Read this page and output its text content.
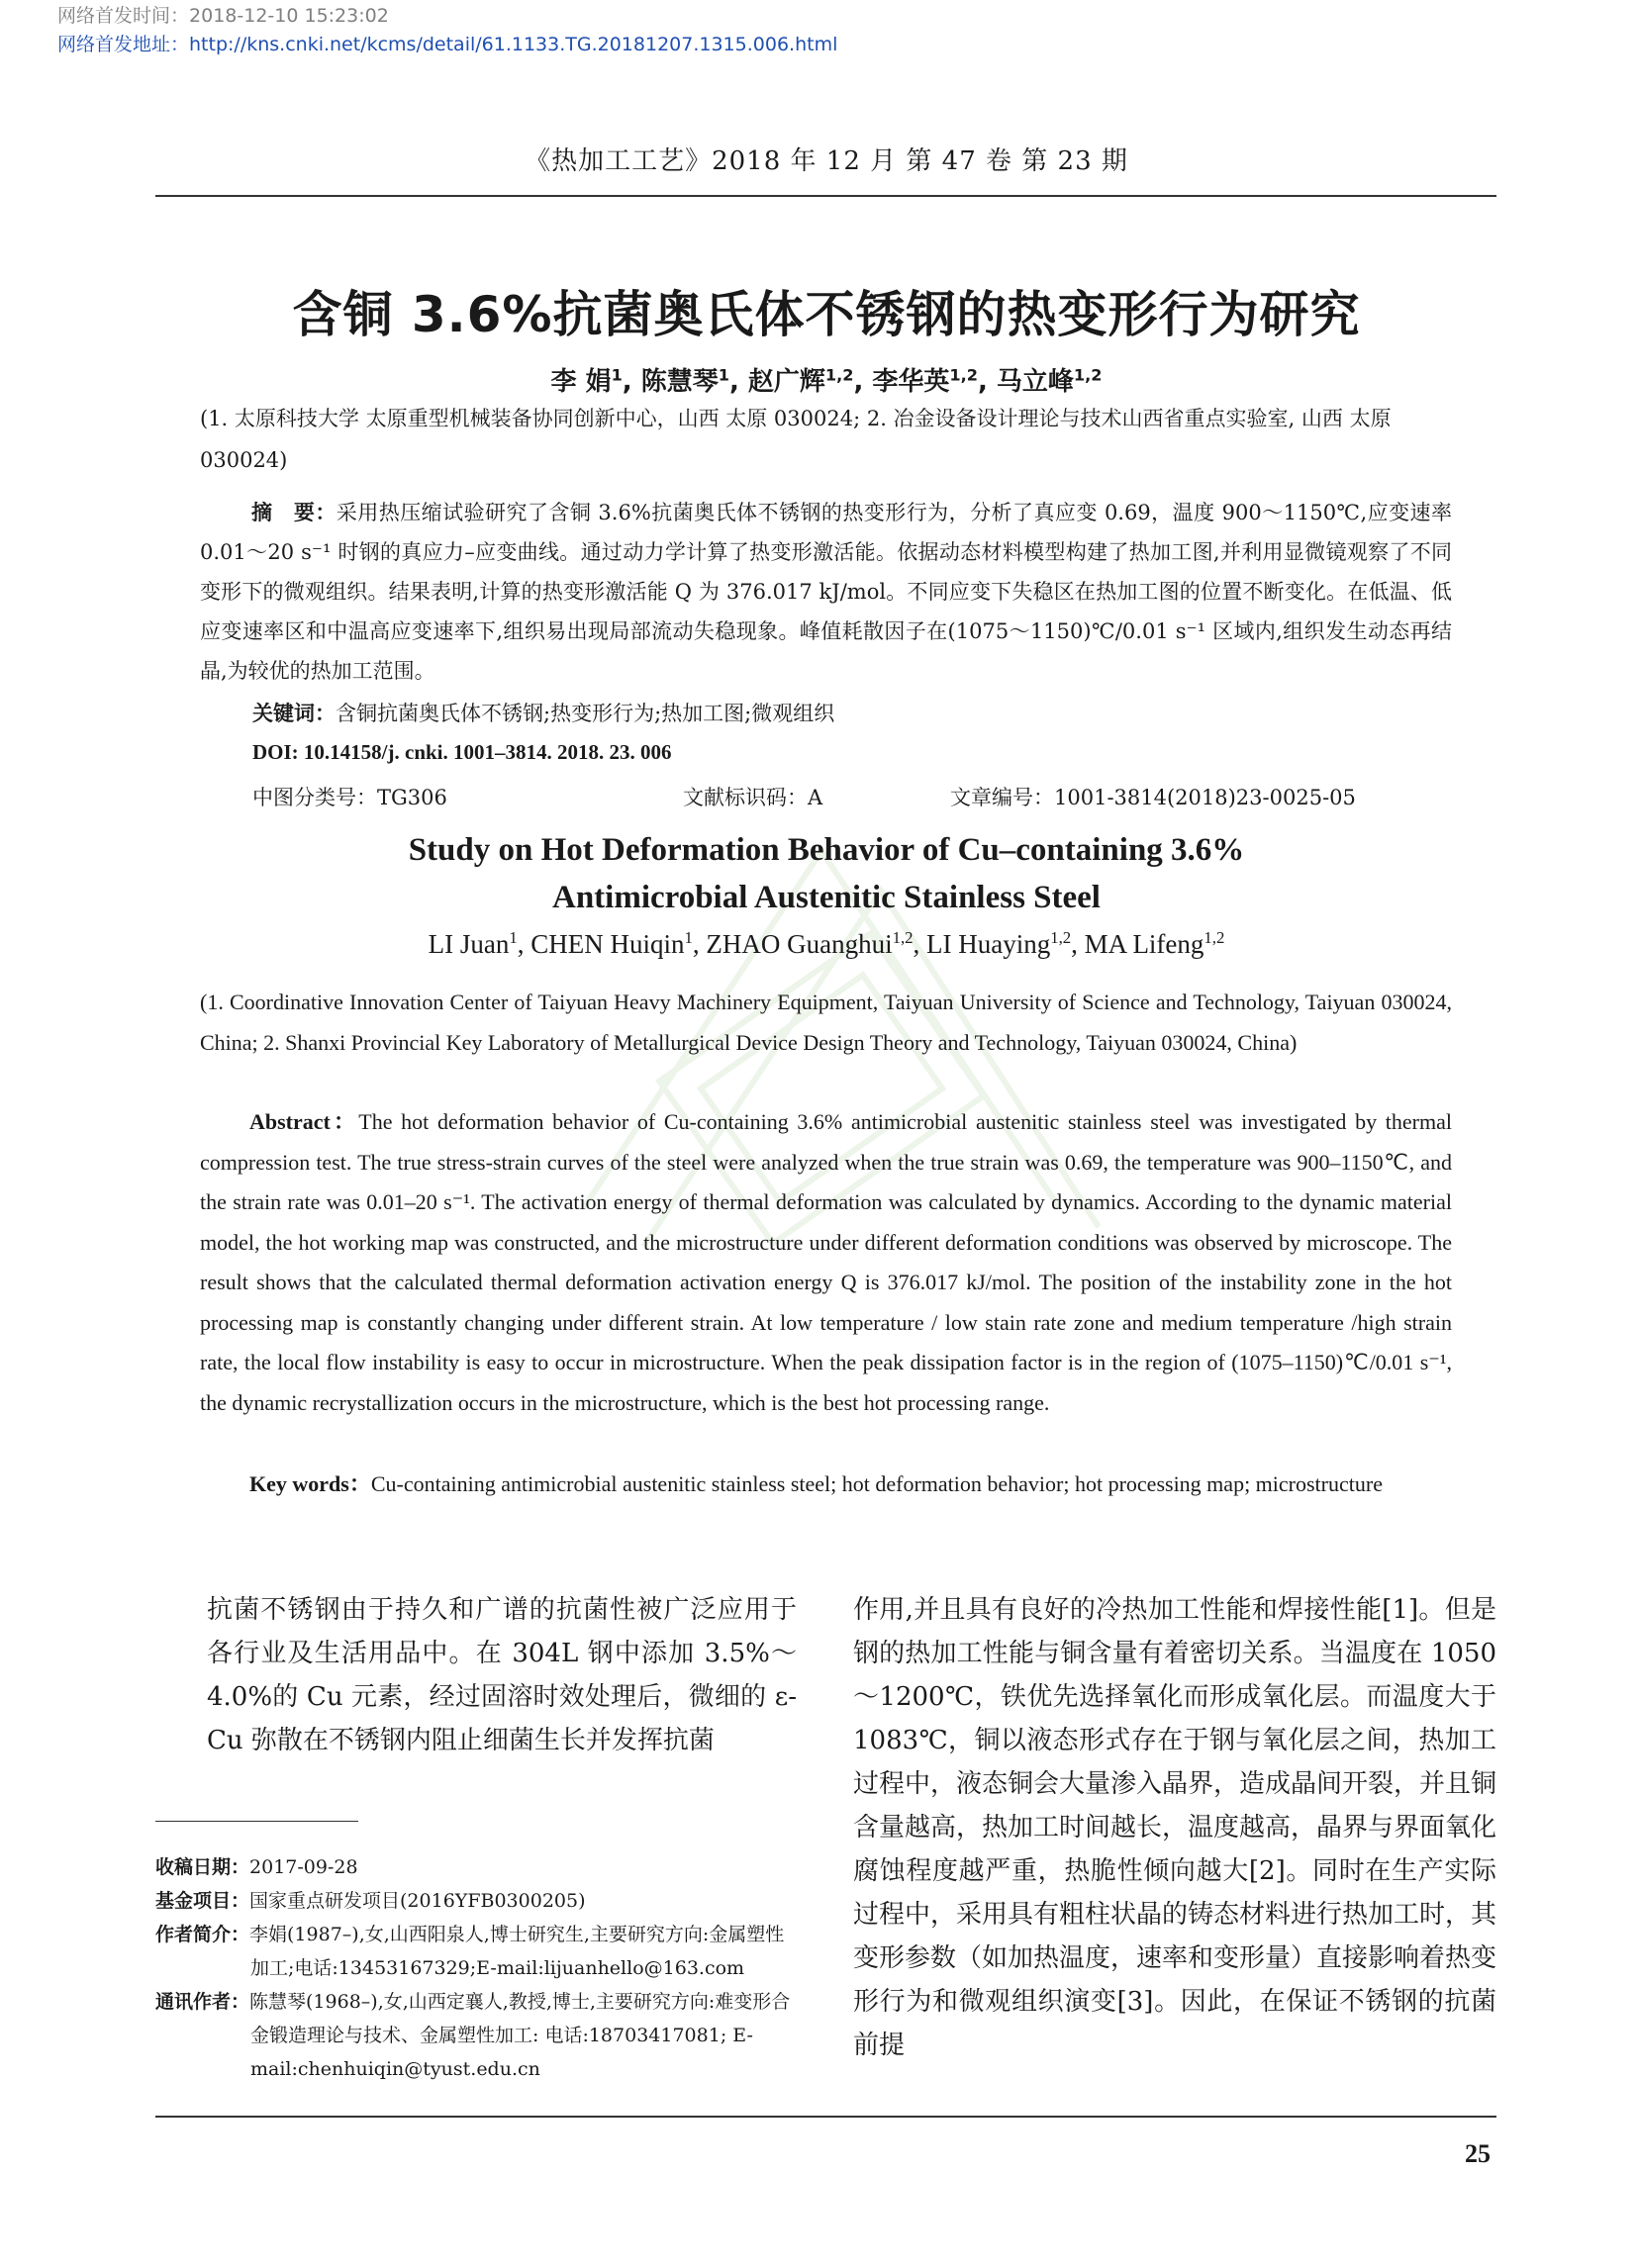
网络首发时间：2018-12-10 15:23:02
网络首发地址：http://kns.cnki.net/kcms/detail/61.1133.TG.20181207.1315.006.html
《热加工工艺》2018 年 12 月 第 47 卷 第 23 期
含铜 3.6%抗菌奥氏体不锈钢的热变形行为研究
李 娟$^1$, 陈慧琴$^1$, 赵广辉$^{1,2}$, 李华英$^{1,2}$, 马立峰$^{1,2}$
(1. 太原科技大学 太原重型机械装备协同创新中心，山西 太原 030024; 2. 冶金设备设计理论与技术山西省重点实验室, 山西 太原 030024)
摘　要：采用热压缩试验研究了含铜 3.6%抗菌奥氏体不锈钢的热变形行为，分析了真应变 0.69，温度 900～1150℃,应变速率 0.01～20 s⁻¹ 时钢的真应力–应变曲线。通过动力学计算了热变形激活能。依据动态材料模型构建了热加工图,并利用显微镜观察了不同变形下的微观组织。结果表明,计算的热变形激活能 Q 为 376.017 kJ/mol。不同应变下失稳区在热加工图的位置不断变化。在低温、低应变速率区和中温高应变速率下,组织易出现局部流动失稳现象。峰值耗散因子在(1075～1150)℃/0.01 s⁻¹ 区域内,组织发生动态再结晶,为较优的热加工范围。
关键词：含铜抗菌奥氏体不锈钢;热变形行为;热加工图;微观组织
DOI: 10.14158/j. cnki. 1001–3814. 2018. 23. 006
中图分类号：TG306	文献标识码：A	文章编号：1001-3814(2018)23-0025-05
Study on Hot Deformation Behavior of Cu–containing 3.6%
Antimicrobial Austenitic Stainless Steel
LI Juan$^1$, CHEN Huiqin$^1$, ZHAO Guanghui$^{1,2}$, LI Huaying$^{1,2}$, MA Lifeng$^{1,2}$
(1. Coordinative Innovation Center of Taiyuan Heavy Machinery Equipment, Taiyuan University of Science and Technology, Taiyuan 030024, China; 2. Shanxi Provincial Key Laboratory of Metallurgical Device Design Theory and Technology, Taiyuan 030024, China)
Abstract：The hot deformation behavior of Cu-containing 3.6% antimicrobial austenitic stainless steel was investigated by thermal compression test. The true stress-strain curves of the steel were analyzed when the true strain was 0.69, the temperature was 900–1150℃, and the strain rate was 0.01–20 s⁻¹. The activation energy of thermal deformation was calculated by dynamics. According to the dynamic material model, the hot working map was constructed, and the microstructure under different deformation conditions was observed by microscope. The result shows that the calculated thermal deformation activation energy Q is 376.017 kJ/mol. The position of the instability zone in the hot processing map is constantly changing under different strain. At low temperature / low stain rate zone and medium temperature /high strain rate, the local flow instability is easy to occur in microstructure. When the peak dissipation factor is in the region of (1075–1150)℃/0.01 s⁻¹, the dynamic recrystallization occurs in the microstructure, which is the best hot processing range.
Key words：Cu-containing antimicrobial austenitic stainless steel; hot deformation behavior; hot processing map; microstructure
抗菌不锈钢由于持久和广谱的抗菌性被广泛应用于各行业及生活用品中。在 304L 钢中添加 3.5%～4.0%的 Cu 元素，经过固溶时效处理后，微细的 ε-Cu 弥散在不锈钢内阻止细菌生长并发挥抗菌
收稿日期：2017-09-28
基金项目：国家重点研发项目(2016YFB0300205)
作者简介：李娟(1987–),女,山西阳泉人,博士研究生,主要研究方向:金属塑性加工;电话:13453167329;E-mail:lijuanhello@163.com
通讯作者：陈慧琴(1968–),女,山西定襄人,教授,博士,主要研究方向:难变形合金锻造理论与技术、金属塑性加工: 电话:18703417081; E-mail:chenhuiqin@tyust.edu.cn
作用,并且具有良好的冷热加工性能和焊接性能[1]。但是钢的热加工性能与铜含量有着密切关系。当温度在 1050～1200℃，铁优先选择氧化而形成氧化层。而温度大于 1083℃，铜以液态形式存在于钢与氧化层之间，热加工过程中，液态铜会大量渗入晶界，造成晶间开裂，并且铜含量越高，热加工时间越长，温度越高，晶界与界面氧化腐蚀程度越严重，热脆性倾向越大[2]。同时在生产实际过程中，采用具有粗柱状晶的铸态材料进行热加工时，其变形参数（如加热温度，速率和变形量）直接影响着热变形行为和微观组织演变[3]。因此，在保证不锈钢的抗菌前提
25
